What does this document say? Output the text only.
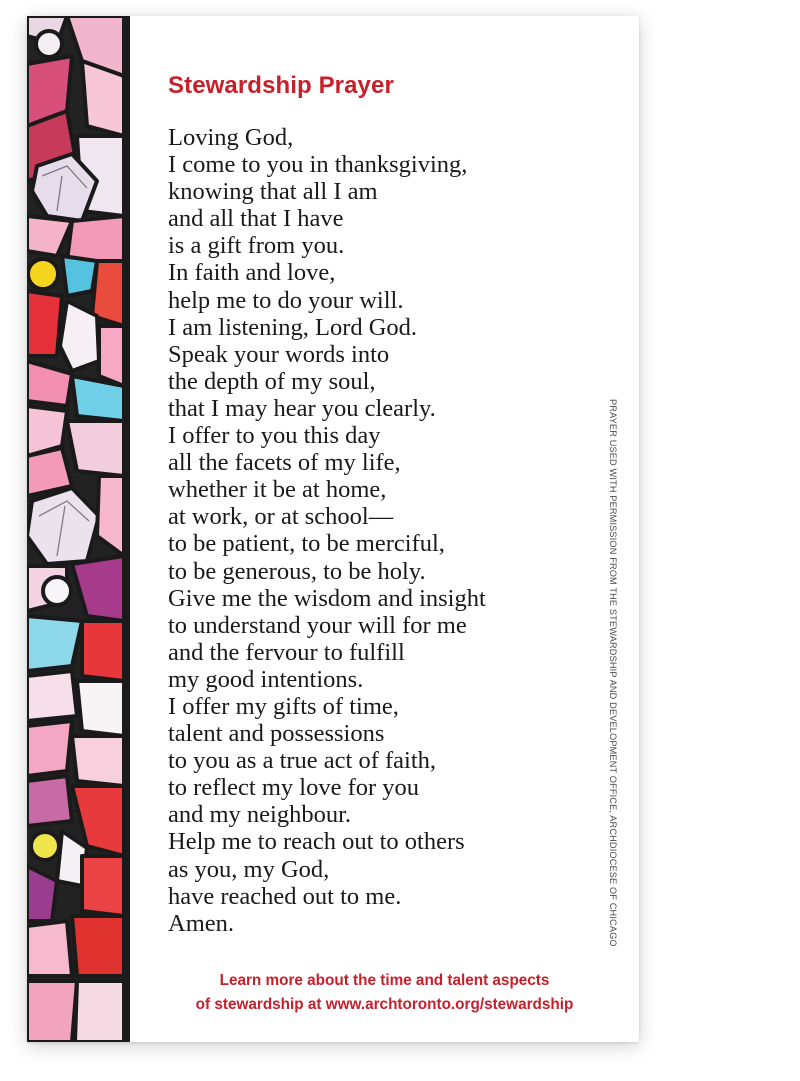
Stewardship Prayer
Loving God,
I come to you in thanksgiving,
knowing that all I am
and all that I have
is a gift from you.
In faith and love,
help me to do your will.
I am listening, Lord God.
Speak your words into
the depth of my soul,
that I may hear you clearly.
I offer to you this day
all the facets of my life,
whether it be at home,
at work, or at school—
to be patient, to be merciful,
to be generous, to be holy.
Give me the wisdom and insight
to understand your will for me
and the fervour to fulfill
my good intentions.
I offer my gifts of time,
talent and possessions
to you as a true act of faith,
to reflect my love for you
and my neighbour.
Help me to reach out to others
as you, my God,
have reached out to me.
Amen.	PRAYER USED WITH PERMISSION FROM THE STEWARDSHIP AND DEVELOPMENT OFFICE, ARCHDIOCESE OF CHICAGO
Learn more about the time and talent aspects
of stewardship at www.archtoronto.org/stewardship
